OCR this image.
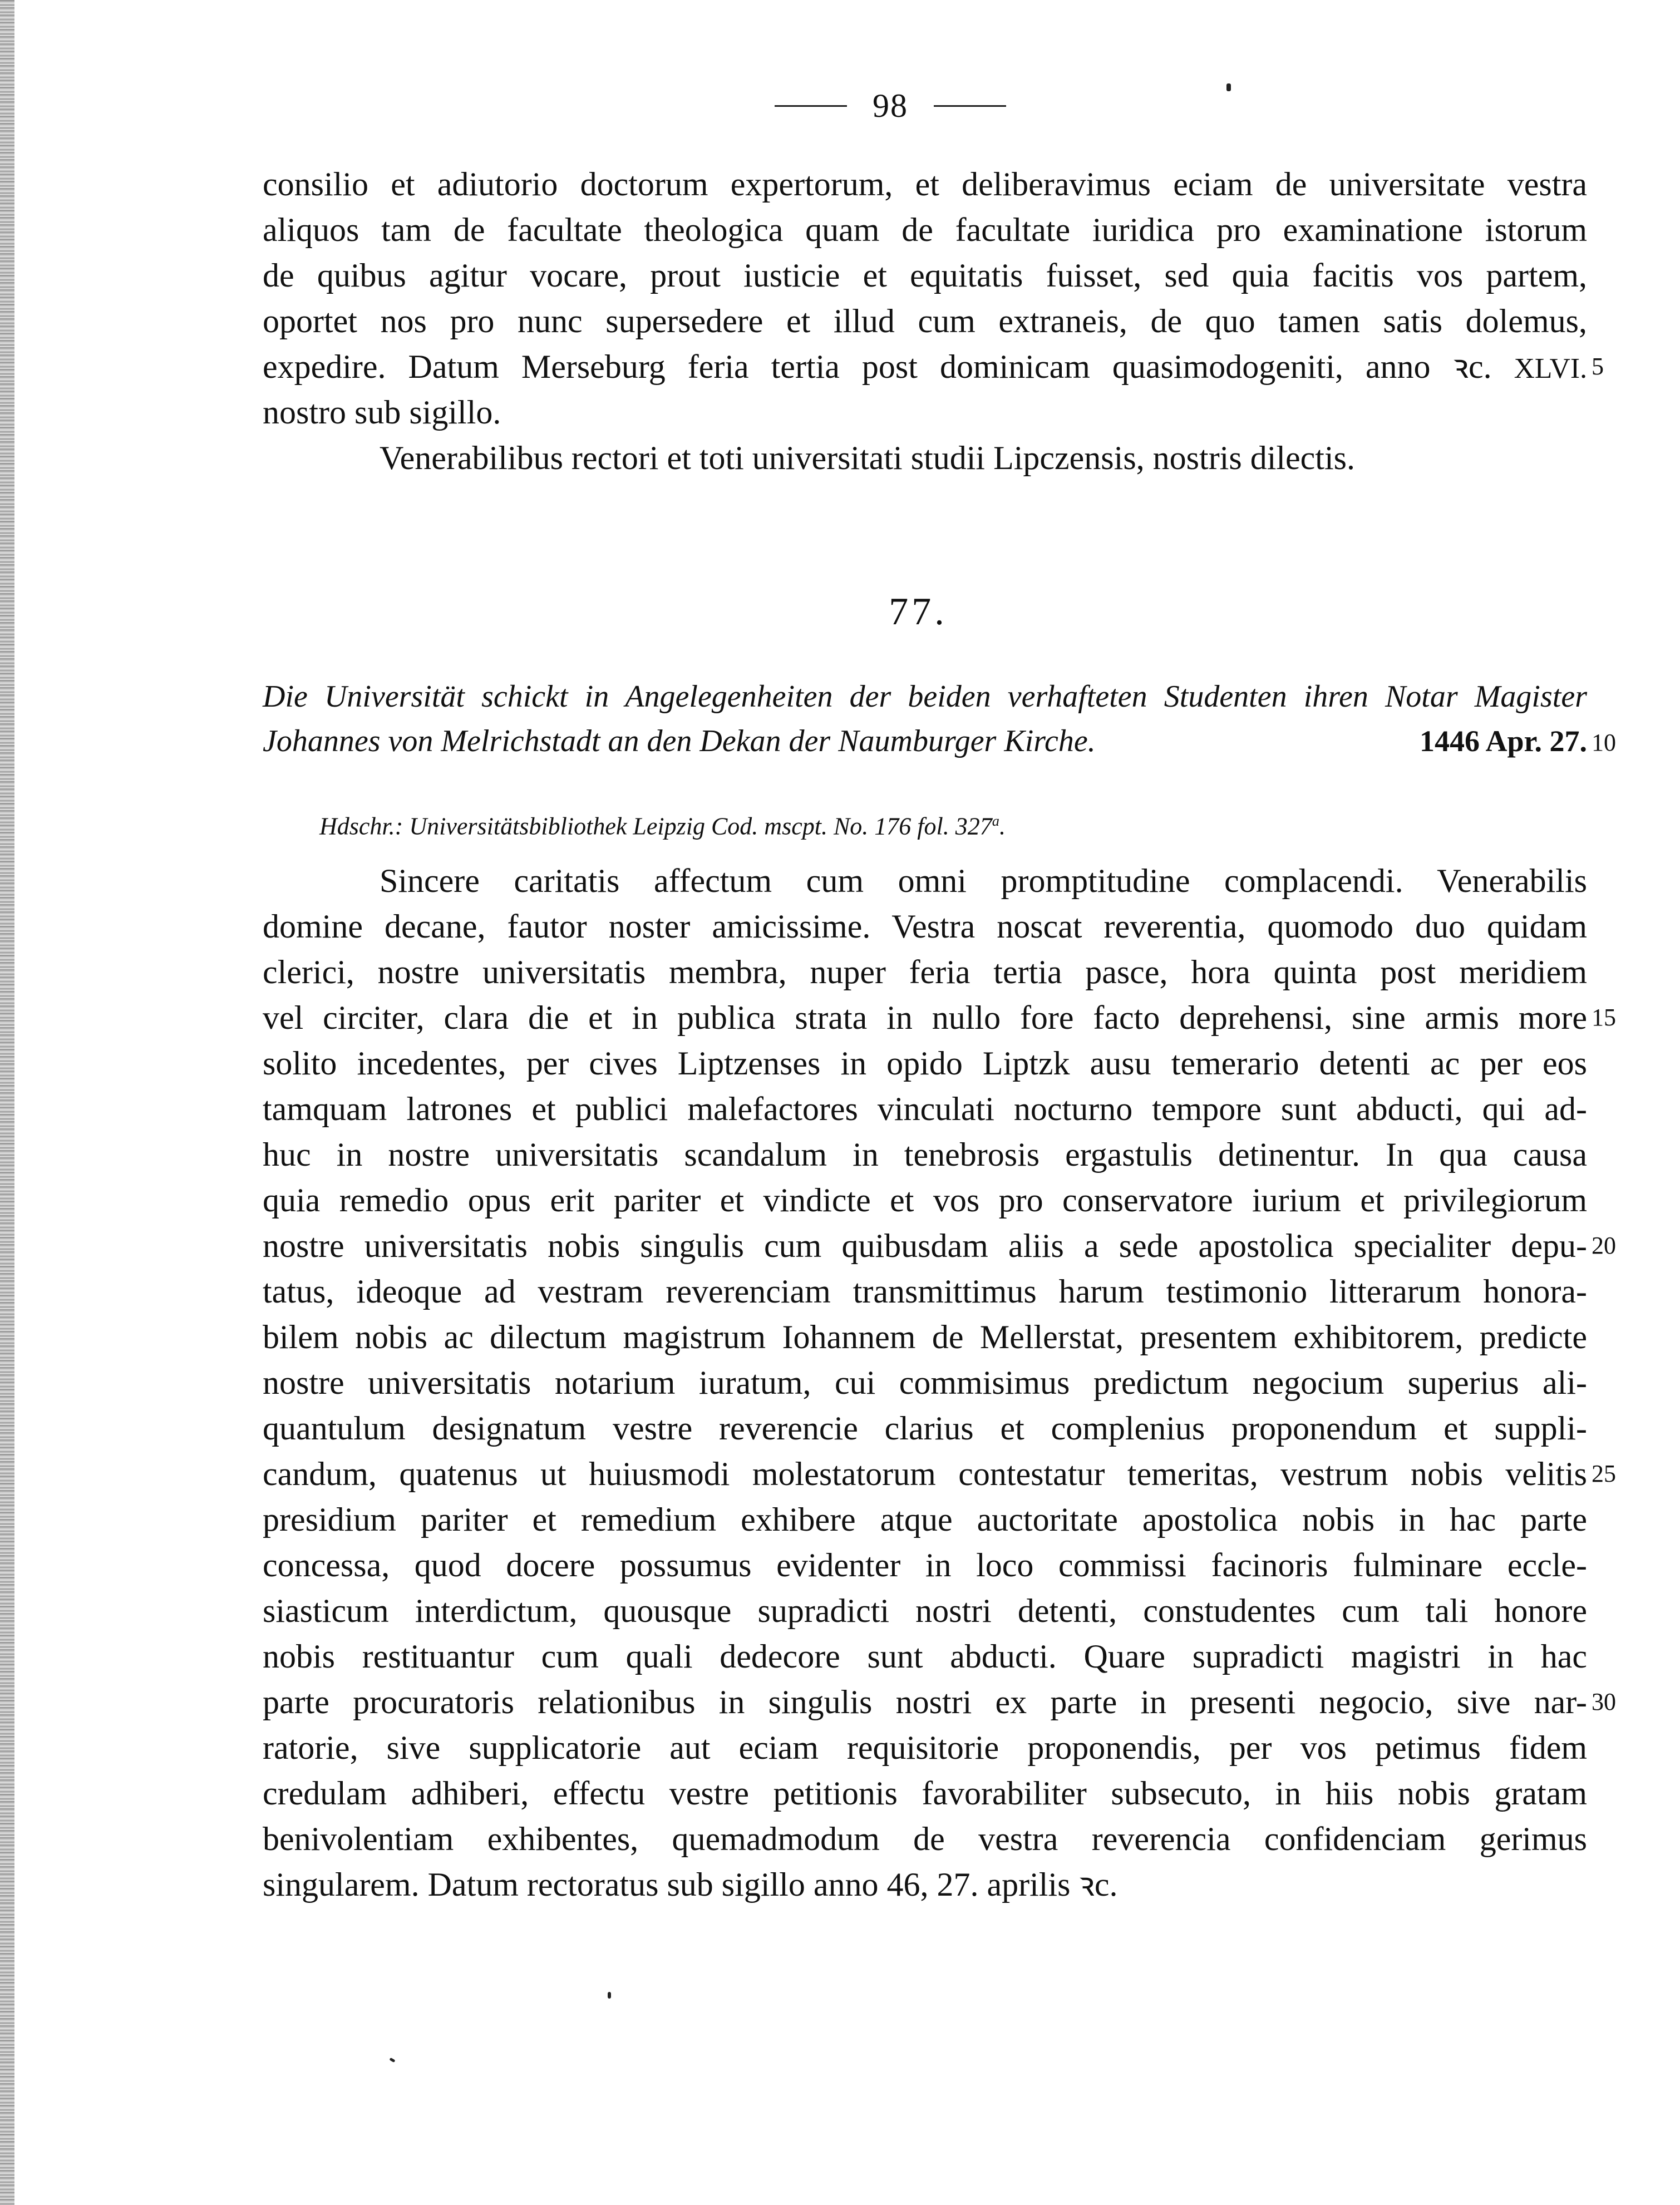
98
consilio et adiutorio doctorum expertorum, et deliberavimus eciam de universitate vestra
aliquos tam de facultate theologica quam de facultate iuridica pro examinatione istorum
de quibus agitur vocare, prout iusticie et equitatis fuisset, sed quia facitis vos partem,
oportet nos pro nunc supersedere et illud cum extraneis, de quo tamen satis dolemus,
expedire. Datum Merseburg feria tertia post dominicam quasimodogeniti, anno ꝛc. XLVI.
nostro sub sigillo.
Venerabilibus rectori et toti universitati studii Lipczensis, nostris dilectis.
5
77.
Die Universität schickt in Angelegenheiten der beiden verhafteten Studenten ihren Notar Magister
Johannes von Melrichstadt an den Dekan der Naumburger Kirche.	1446 Apr. 27. 10
Hdschr.: Universitätsbibliothek Leipzig Cod. mscpt. No. 176 fol. 327$^a$.
Sincere caritatis affectum cum omni promptitudine complacendi. Venerabilis
domine decane, fautor noster amicissime. Vestra noscat reverentia, quomodo duo quidam
clerici, nostre universitatis membra, nuper feria tertia pasce, hora quinta post meridiem
vel circiter, clara die et in publica strata in nullo fore facto deprehensi, sine armis more
solito incedentes, per cives Liptzenses in opido Liptzk ausu temerario detenti ac per eos
tamquam latrones et publici malefactores vinculati nocturno tempore sunt abducti, qui ad-
huc in nostre universitatis scandalum in tenebrosis ergastulis detinentur. In qua causa
quia remedio opus erit pariter et vindicte et vos pro conservatore iurium et privilegiorum
nostre universitatis nobis singulis cum quibusdam aliis a sede apostolica specialiter depu-
tatus, ideoque ad vestram reverenciam transmittimus harum testimonio litterarum honora-
bilem nobis ac dilectum magistrum Iohannem de Mellerstat, presentem exhibitorem, predicte
nostre universitatis notarium iuratum, cui commisimus predictum negocium superius ali-
quantulum designatum vestre reverencie clarius et complenius proponendum et suppli-
candum, quatenus ut huiusmodi molestatorum contestatur temeritas, vestrum nobis velitis
presidium pariter et remedium exhibere atque auctoritate apostolica nobis in hac parte
concessa, quod docere possumus evidenter in loco commissi facinoris fulminare eccle-
siasticum interdictum, quousque supradicti nostri detenti, constudentes cum tali honore
nobis restituantur cum quali dedecore sunt abducti. Quare supradicti magistri in hac
parte procuratoris relationibus in singulis nostri ex parte in presenti negocio, sive nar-
ratorie, sive supplicatorie aut eciam requisitorie proponendis, per vos petimus fidem
credulam adhiberi, effectu vestre petitionis favorabiliter subsecuto, in hiis nobis gratam
benivolentiam exhibentes, quemadmodum de vestra reverencia confidenciam gerimus
singularem. Datum rectoratus sub sigillo anno 46, 27. aprilis ꝛc.
15
20
25
30
